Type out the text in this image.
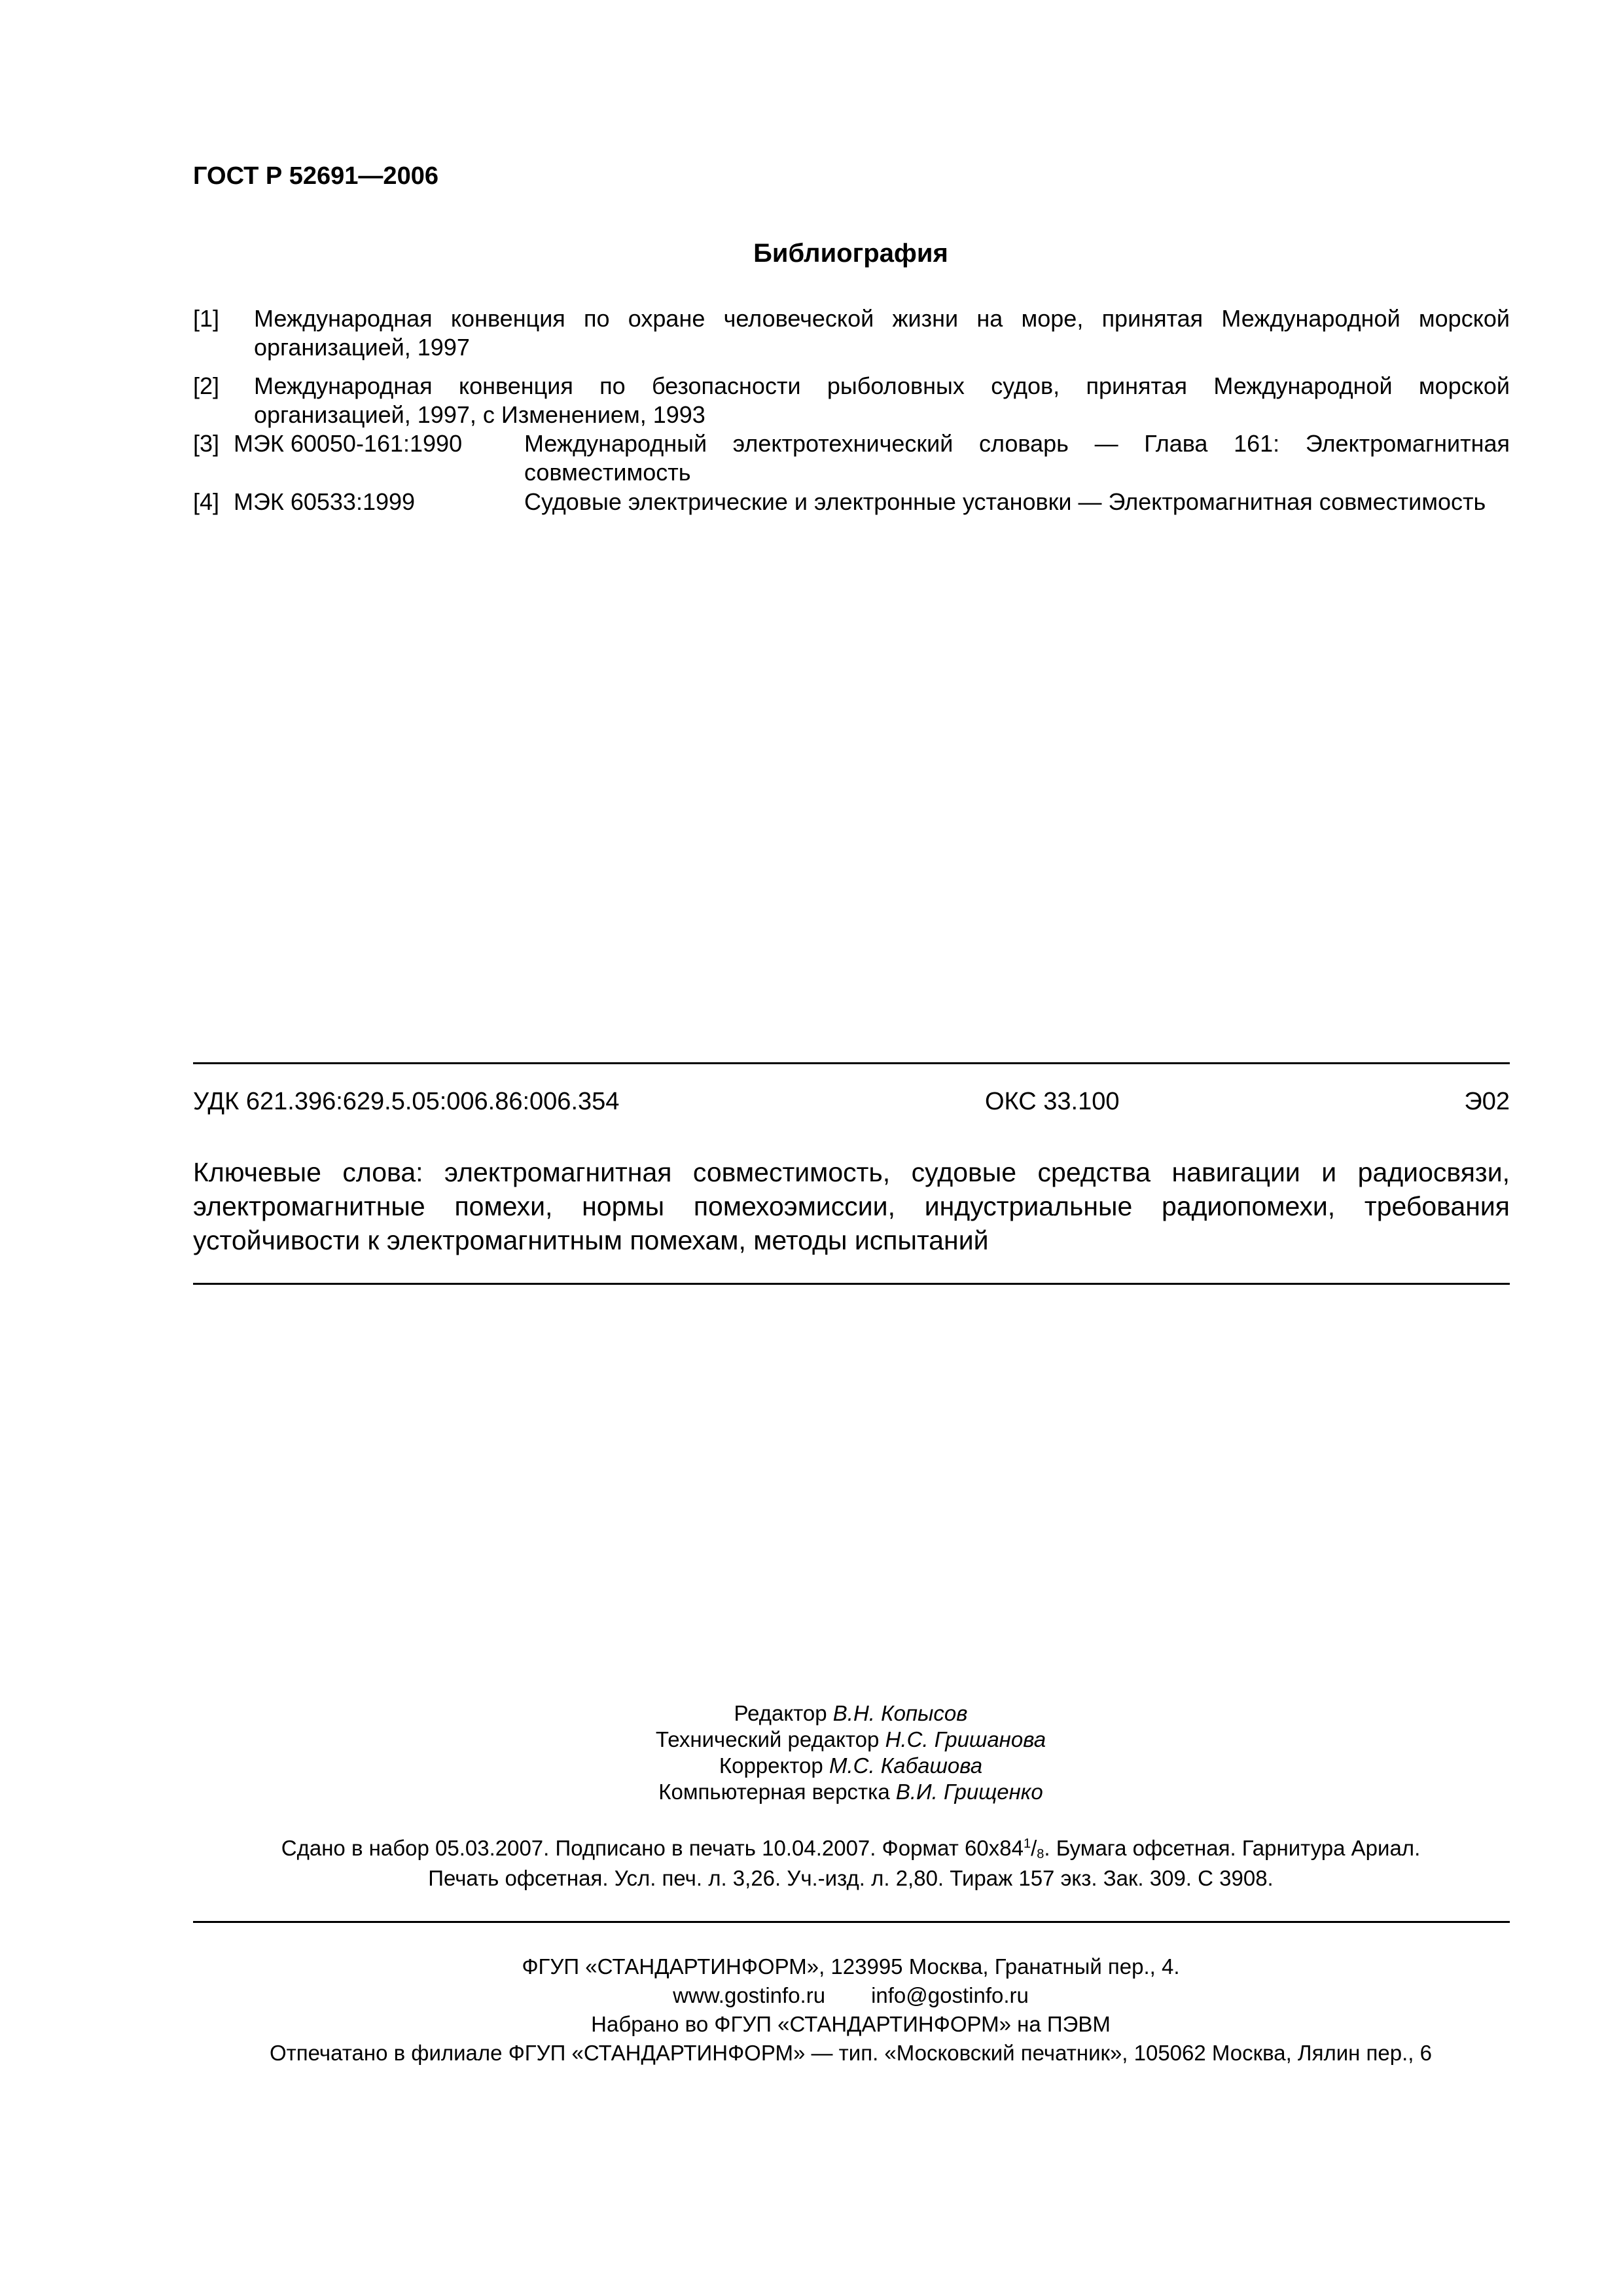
ГОСТ Р 52691—2006
Библиография
[1] Международная конвенция по охране человеческой жизни на море, принятая Международной морской организацией, 1997
[2] Международная конвенция по безопасности рыболовных судов, принятая Международной морской организацией, 1997, с Изменением, 1993
[3] МЭК 60050-161:1990	Международный электротехнический словарь — Глава 161: Электромагнитная совместимость
[4] МЭК 60533:1999	Судовые электрические и электронные установки — Электромагнитная совместимость
УДК 621.396:629.5.05:006.86:006.354	ОКС 33.100	Э02
Ключевые слова: электромагнитная совместимость, судовые средства навигации и радиосвязи, электромагнитные помехи, нормы помехоэмиссии, индустриальные радиопомехи, требования устойчивости к электромагнитным помехам, методы испытаний
Редактор В.Н. Копысов
Технический редактор Н.С. Гришанова
Корректор М.С. Кабашова
Компьютерная верстка В.И. Грищенко
Сдано в набор 05.03.2007. Подписано в печать 10.04.2007. Формат $60х84^1/_8$. Бумага офсетная. Гарнитура Ариал.
Печать офсетная. Усл. печ. л. 3,26. Уч.-изд. л. 2,80. Тираж 157 экз. Зак. 309. С 3908.
ФГУП «СТАНДАРТИНФОРМ», 123995 Москва, Гранатный пер., 4.
www.gostinfo.ru info@gostinfo.ru
Набрано во ФГУП «СТАНДАРТИНФОРМ» на ПЭВМ
Отпечатано в филиале ФГУП «СТАНДАРТИНФОРМ» — тип. «Московский печатник», 105062 Москва, Лялин пер., 6
